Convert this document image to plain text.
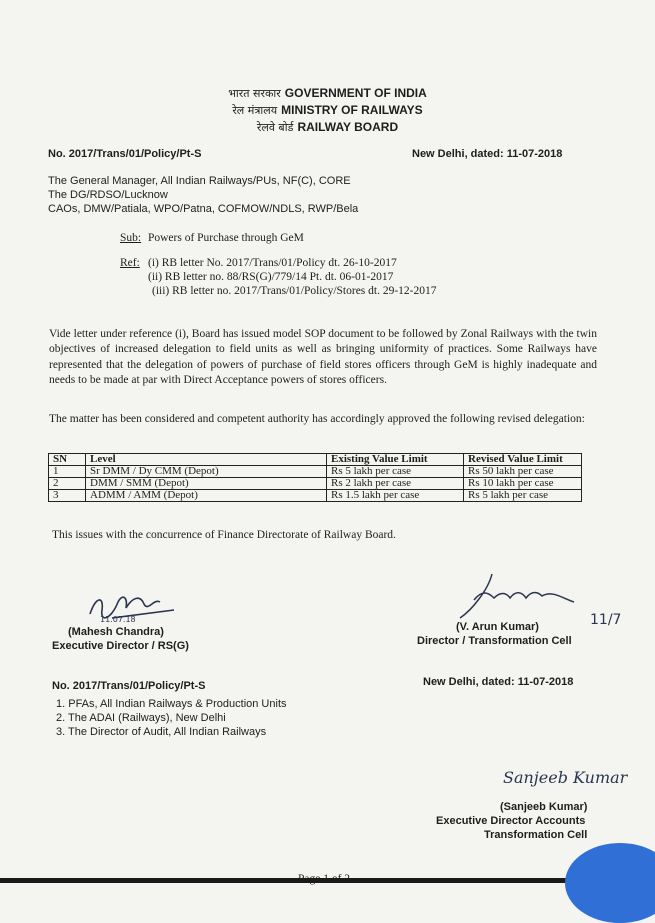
भारत सरकार GOVERNMENT OF INDIA
रेल मंत्रालय MINISTRY OF RAILWAYS
रेलवे बोर्ड RAILWAY BOARD
No. 2017/Trans/01/Policy/Pt-S	New Delhi, dated: 11-07-2018
The General Manager, All Indian Railways/PUs, NF(C), CORE
The DG/RDSO/Lucknow
CAOs, DMW/Patiala, WPO/Patna, COFMOW/NDLS, RWP/Bela
Sub: Powers of Purchase through GeM
Ref: (i) RB letter No. 2017/Trans/01/Policy dt. 26-10-2017
(ii) RB letter no. 88/RS(G)/779/14 Pt. dt. 06-01-2017
(iii) RB letter no. 2017/Trans/01/Policy/Stores dt. 29-12-2017
Vide letter under reference (i), Board has issued model SOP document to be followed by Zonal Railways with the twin objectives of increased delegation to field units as well as bringing uniformity of practices. Some Railways have represented that the delegation of powers of purchase of field stores officers through GeM is highly inadequate and needs to be made at par with Direct Acceptance powers of stores officers.
The matter has been considered and competent authority has accordingly approved the following revised delegation:
SN	Level	Existing Value Limit	Revised Value Limit
1	Sr DMM / Dy CMM (Depot)	Rs 5 lakh per case	Rs 50 lakh per case
2	DMM / SMM (Depot)	Rs 2 lakh per case	Rs 10 lakh per case
3	ADMM / AMM (Depot)	Rs 1.5 lakh per case	Rs 5 lakh per case
This issues with the concurrence of Finance Directorate of Railway Board.
11.07.18
(Mahesh Chandra)
Executive Director / RS(G)
11/7
(V. Arun Kumar)
Director / Transformation Cell
No. 2017/Trans/01/Policy/Pt-S	New Delhi, dated: 11-07-2018
1. PFAs, All Indian Railways & Production Units
2. The ADAI (Railways), New Delhi
3. The Director of Audit, All Indian Railways
Sanjeeb Kumar
(Sanjeeb Kumar)
Executive Director Accounts
Transformation Cell
